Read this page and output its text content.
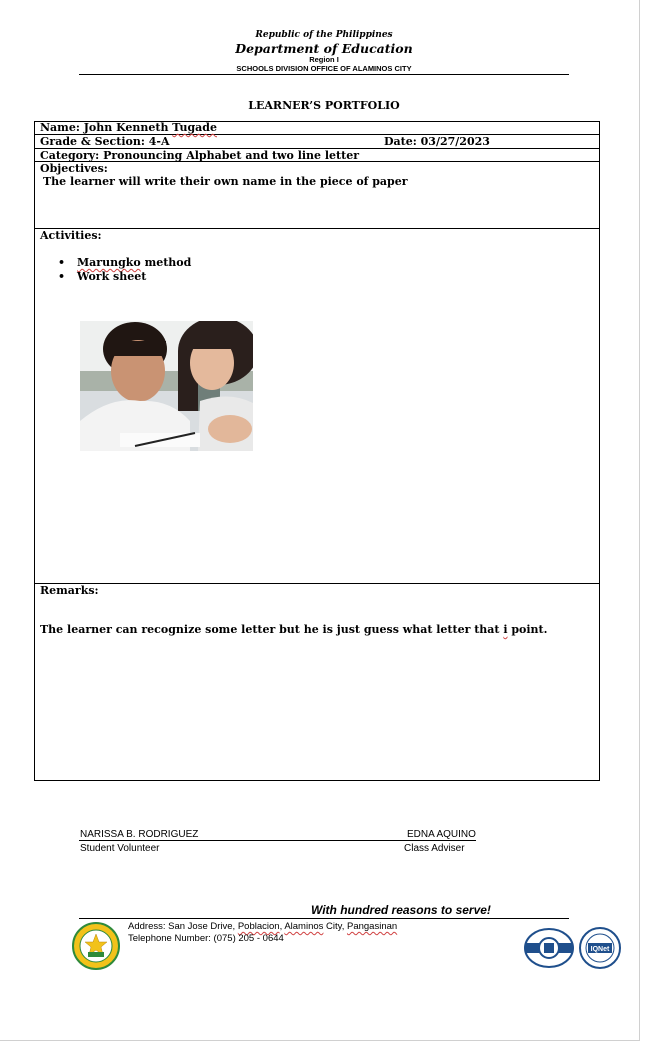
Republic of the Philippines
Department of Education
Region I
SCHOOLS DIVISION OFFICE OF ALAMINOS CITY
LEARNER’S PORTFOLIO
Name: John Kenneth Tugade
Grade & Section: 4-A	Date: 03/27/2023
Category: Pronouncing Alphabet and two line letter
Objectives:
The learner will write their own name in the piece of paper
Activities:
• Marungko method
• Work sheet
Remarks:
The learner can recognize some letter but he is just guess what letter that i point.
NARISSA B. RODRIGUEZ
Student Volunteer
EDNA AQUINO
Class Adviser
With hundred reasons to serve!
Address: San Jose Drive, Poblacion, Alaminos City, Pangasinan
Telephone Number: (075) 205 - 0644
IQNet
